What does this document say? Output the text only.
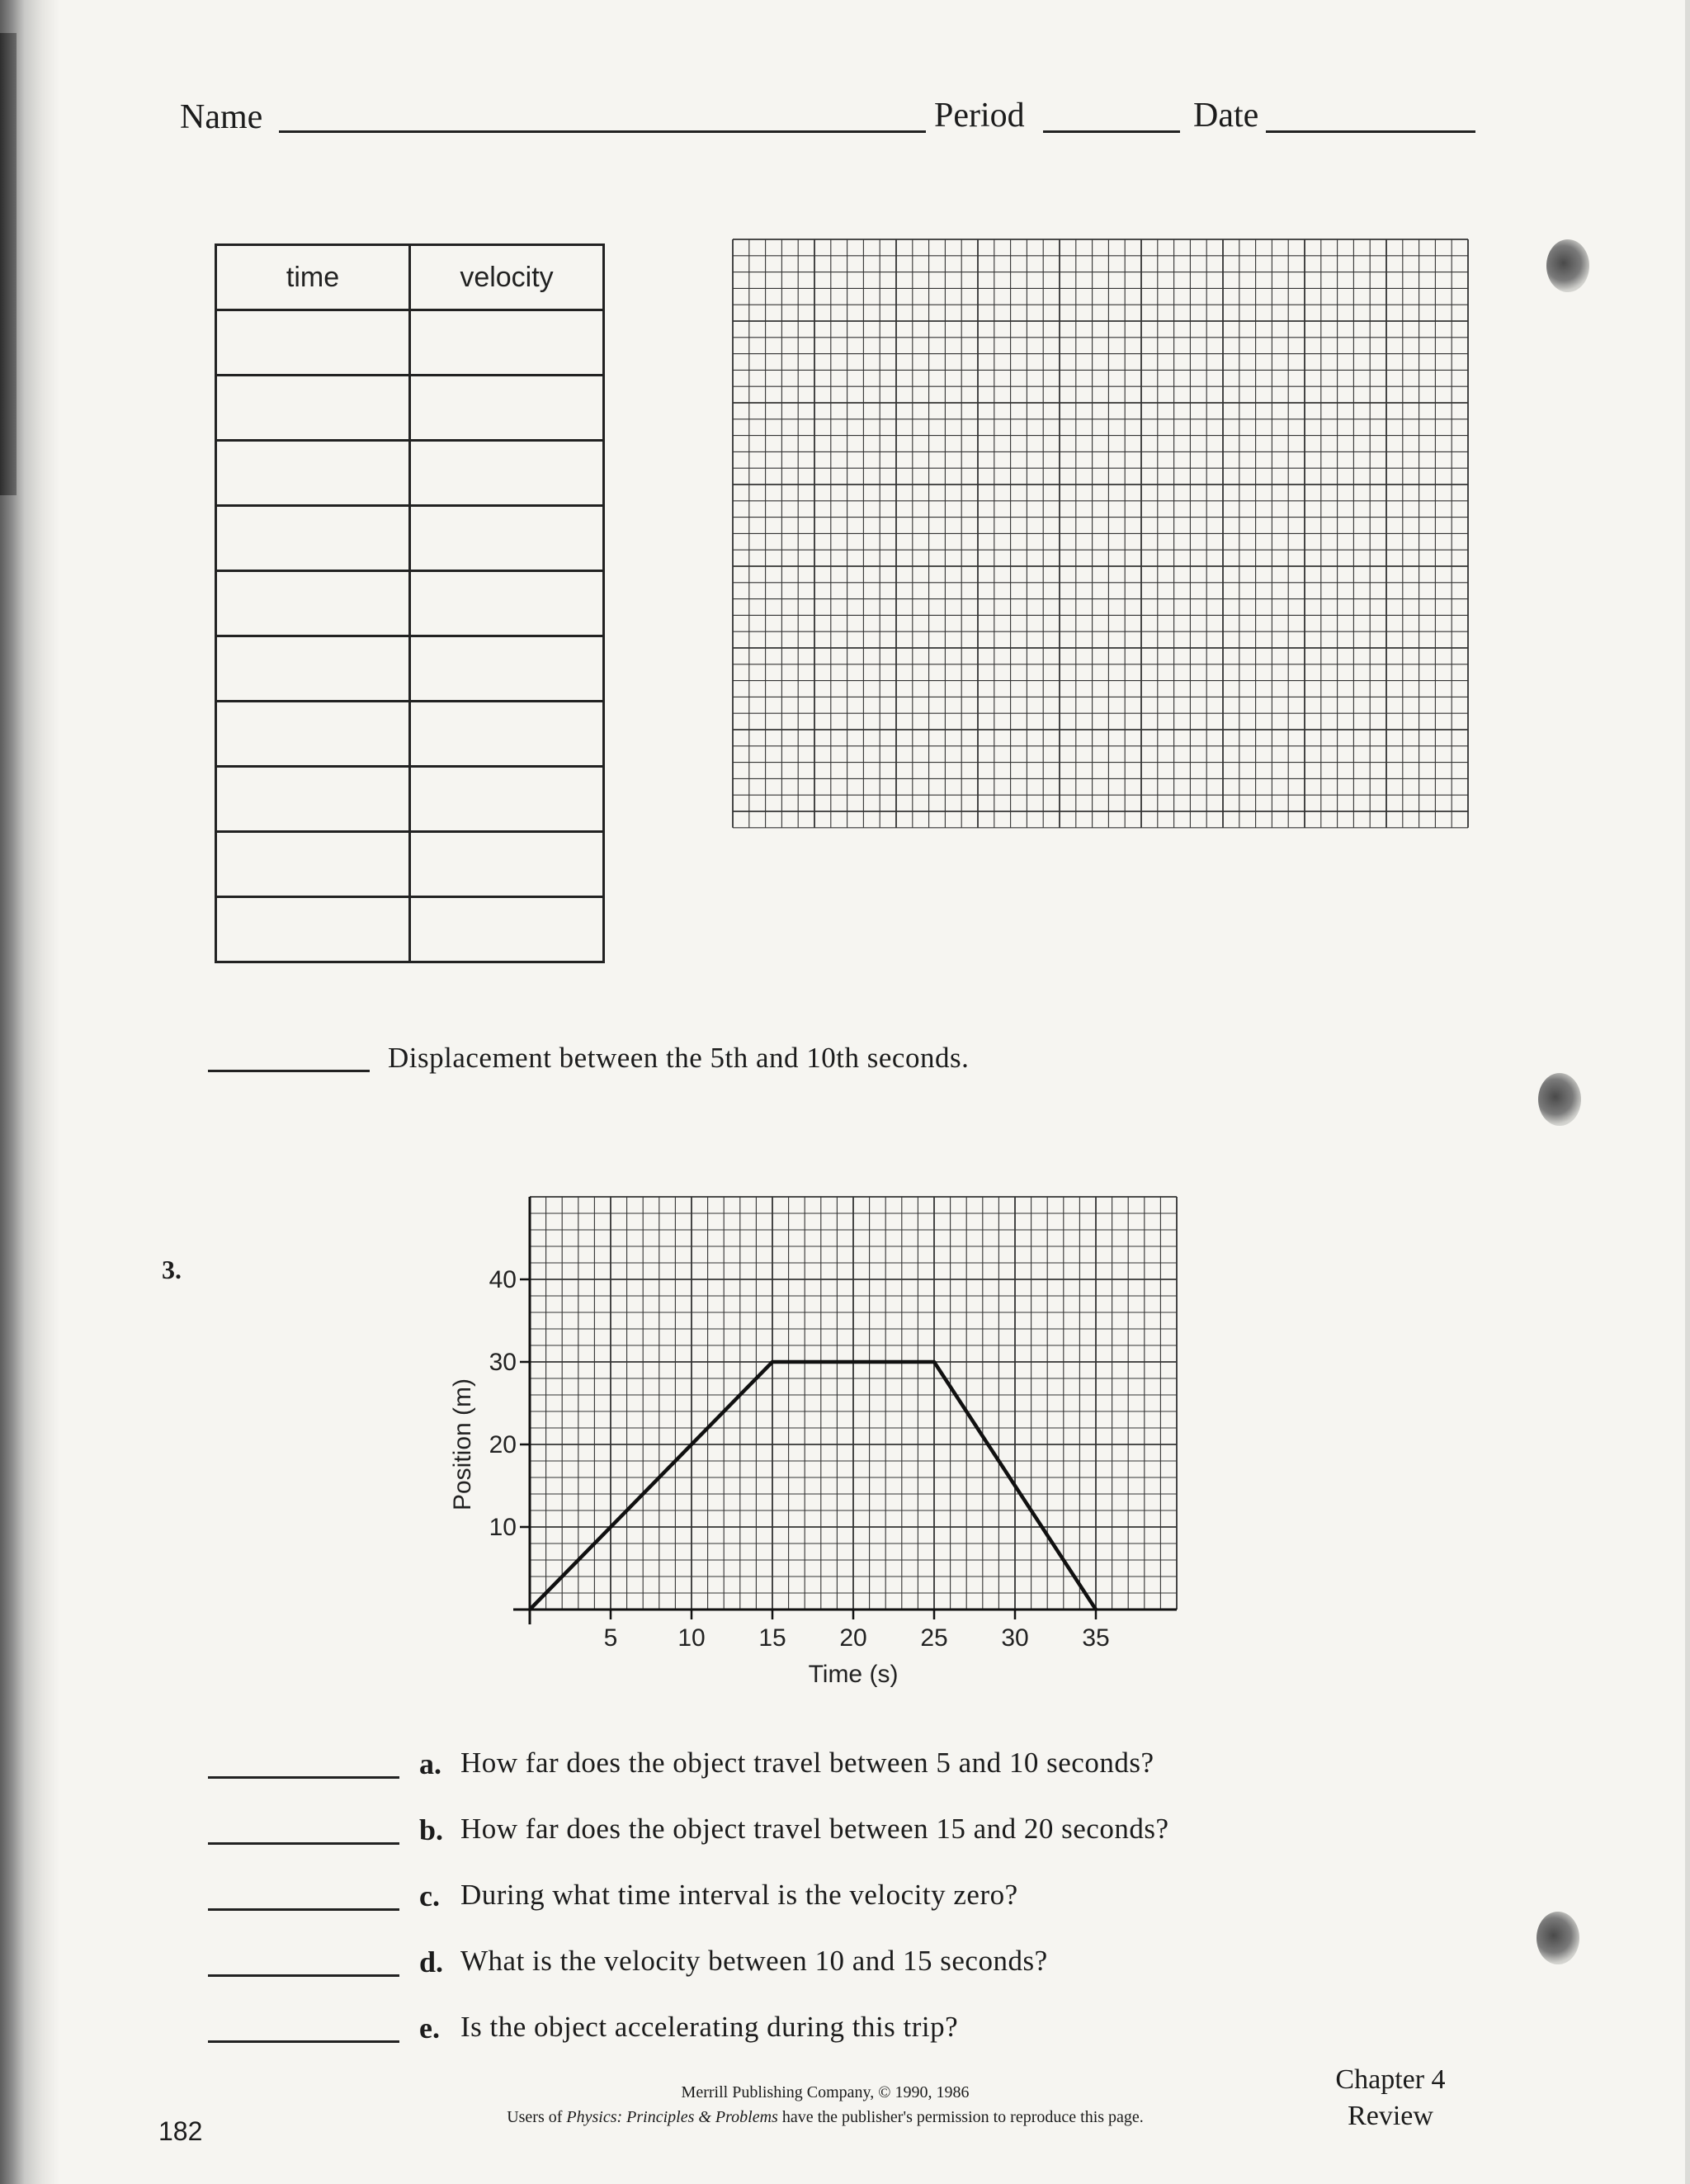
Name	Period	Date
time	velocity

Displacement between the 5th and 10th seconds.
3.
5 10 15 20 25 30 35
10
20
30
40
Time (s)
Position (m)
a. How far does the object travel between 5 and 10 seconds?
b. How far does the object travel between 15 and 20 seconds?
c. During what time interval is the velocity zero?
d. What is the velocity between 10 and 15 seconds?
e. Is the object accelerating during this trip?
182
Merrill Publishing Company, © 1990, 1986
Users of Physics: Principles & Problems have the publisher's permission to reproduce this page.
Chapter 4
Review
